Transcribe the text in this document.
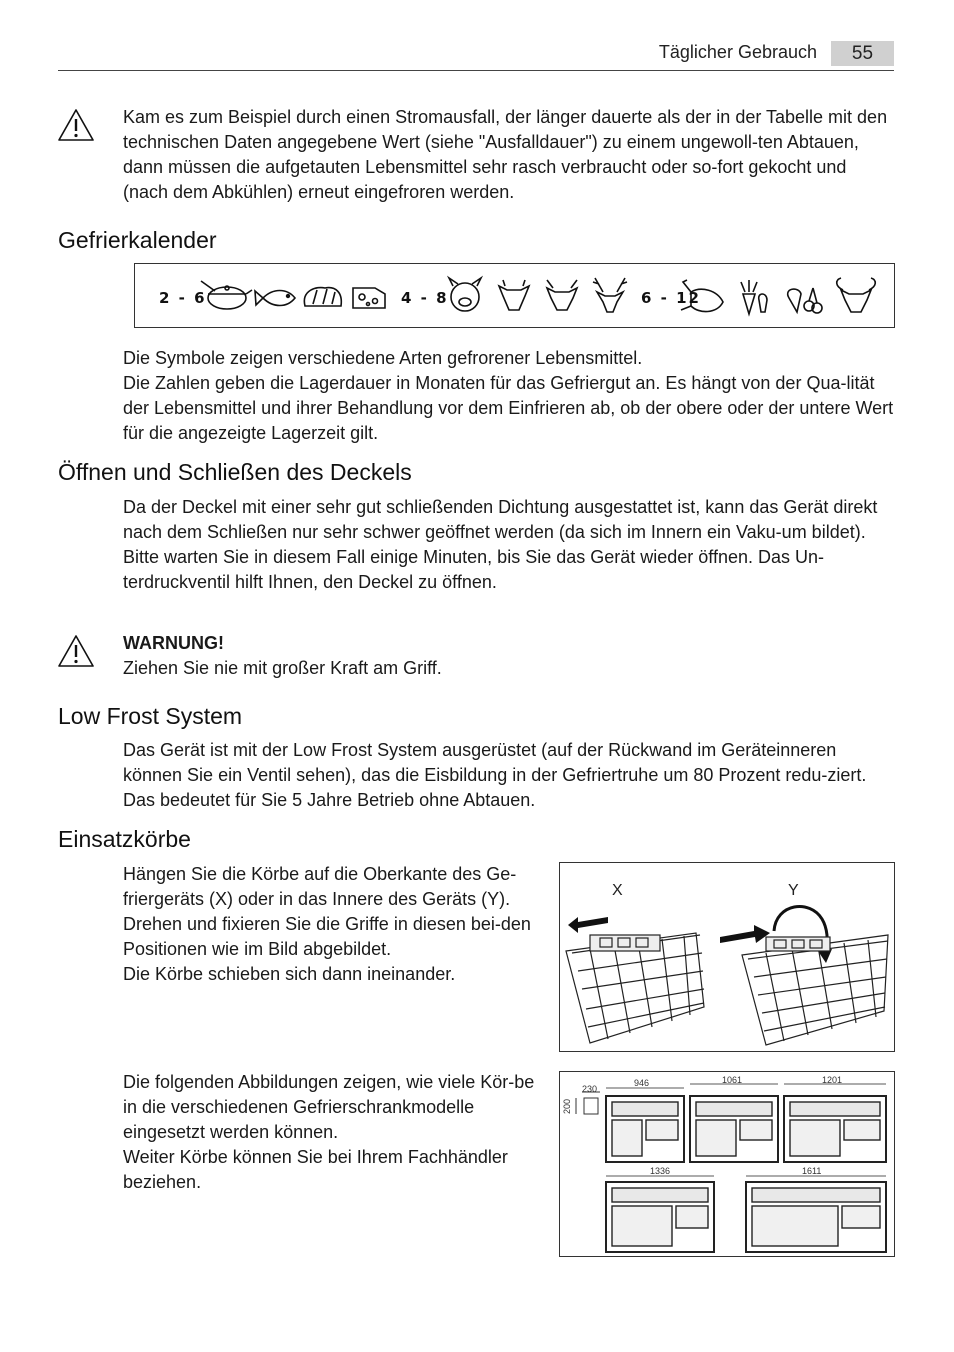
Täglicher Gebrauch	55

Kam es zum Beispiel durch einen Stromausfall, der länger dauerte als der in der Tabelle mit den technischen Daten angegebene Wert (siehe "Ausfalldauer") zu einem ungewoll-ten Abtauen, dann müssen die aufgetauten Lebensmittel sehr rasch verbraucht oder so-fort gekocht und (nach dem Abkühlen) erneut eingefroren werden.

Gefrierkalender
2 - 6	4 - 8	6 - 12

Die Symbole zeigen verschiedene Arten gefrorener Lebensmittel.

Die Zahlen geben die Lagerdauer in Monaten für das Gefriergut an. Es hängt von der Qua-lität der Lebensmittel und ihrer Behandlung vor dem Einfrieren ab, ob der obere oder der untere Wert für die angezeigte Lagerzeit gilt.

Öffnen und Schließen des Deckels

Da der Deckel mit einer sehr gut schließenden Dichtung ausgestattet ist, kann das Gerät direkt nach dem Schließen nur sehr schwer geöffnet werden (da sich im Innern ein Vaku-um bildet).

Bitte warten Sie in diesem Fall einige Minuten, bis Sie das Gerät wieder öffnen. Das Un-terdruckventil hilft Ihnen, den Deckel zu öffnen.

WARNUNG!

Ziehen Sie nie mit großer Kraft am Griff.

Low Frost System

Das Gerät ist mit der Low Frost System ausgerüstet (auf der Rückwand im Geräteinneren können Sie ein Ventil sehen), das die Eisbildung in der Gefriertruhe um 80 Prozent redu-ziert. Das bedeutet für Sie 5 Jahre Betrieb ohne Abtauen.

Einsatzkörbe

Hängen Sie die Körbe auf die Oberkante des Ge-friergeräts (X) oder in das Innere des Geräts (Y). Drehen und fixieren Sie die Griffe in diesen bei-den Positionen wie im Bild abgebildet.

Die Körbe schieben sich dann ineinander.

X	Y

Die folgenden Abbildungen zeigen, wie viele Kör-be in die verschiedenen Gefrierschrankmodelle eingesetzt werden können.

Weiter Körbe können Sie bei Ihrem Fachhändler beziehen.

230
200
946	1061	1201
1336	1611
